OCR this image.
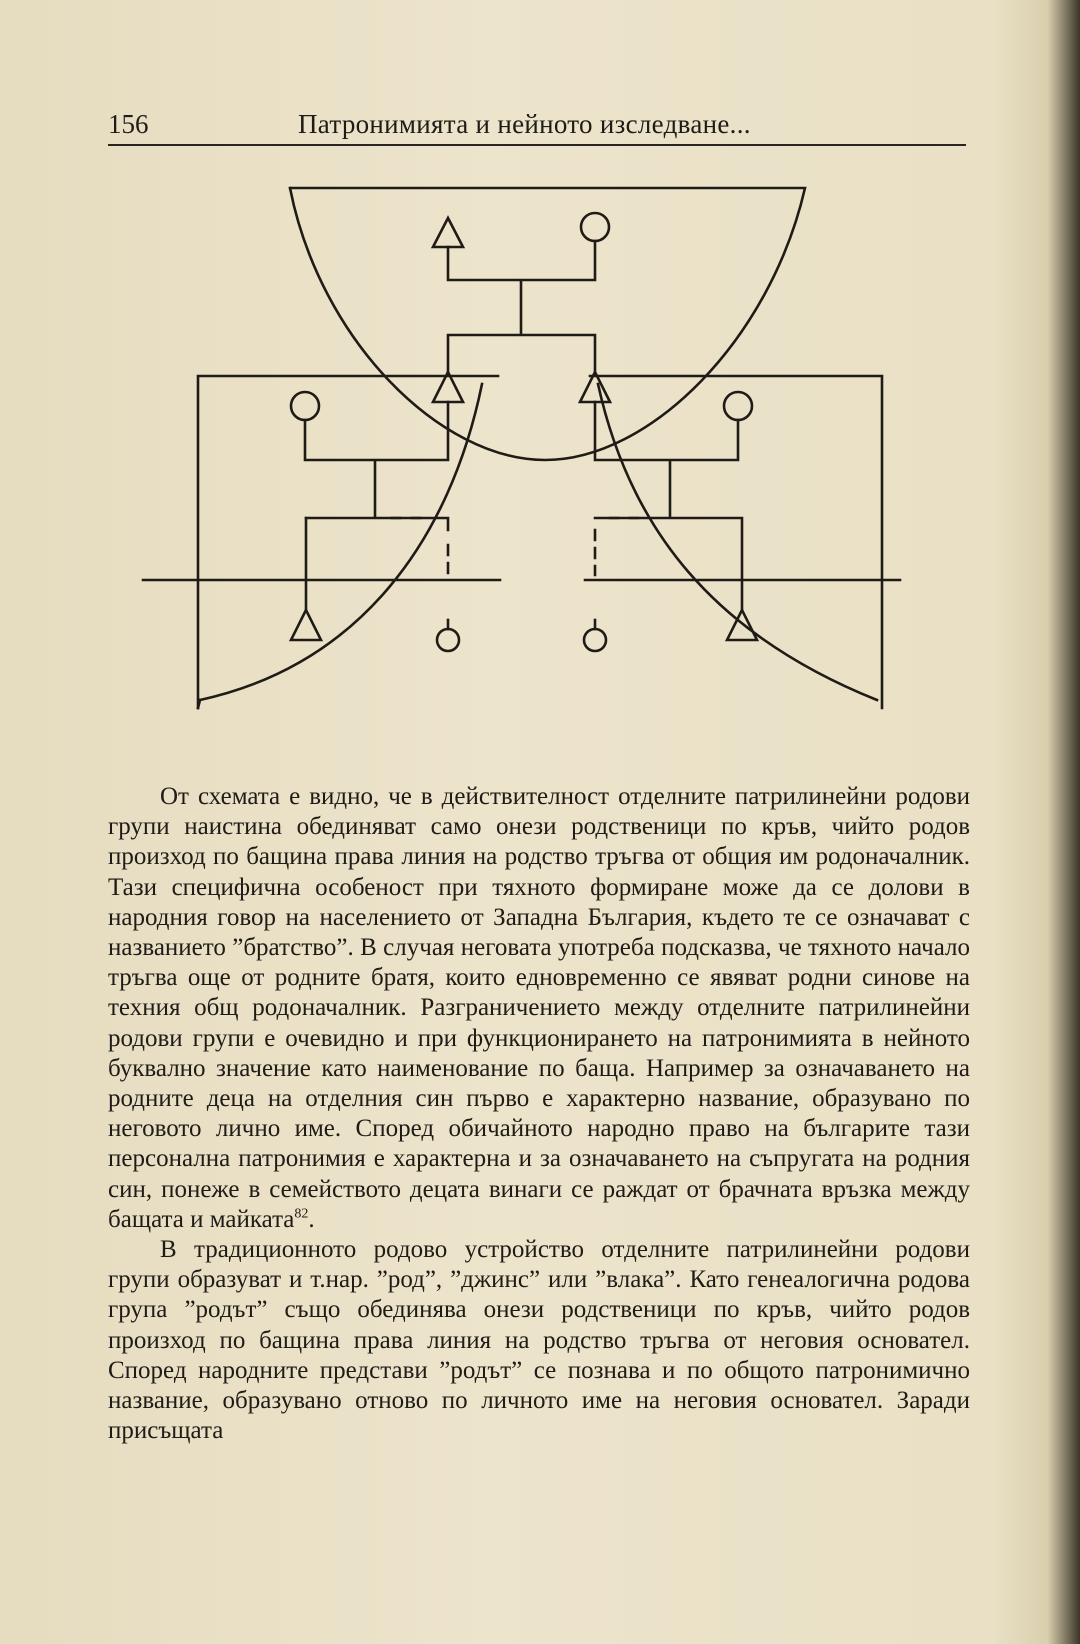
156	Патронимията и нейното изследване...

От схемата е видно, че в действителност отделните патрилинейни родови групи наистина обединяват само онези родственици по кръв, чийто родов произход по бащина права линия на родство тръгва от общия им родоначалник. Тази специфична особеност при тяхното формиране може да се долови в народния говор на населението от Западна България, където те се означават с названието ”братство”. В случая неговата употреба подсказва, че тяхното начало тръгва още от родните братя, които едновременно се явяват родни синове на техния общ родоначалник. Разграничението между отделните патрилинейни родови групи е очевидно и при функционирането на патронимията в нейното буквално значение като наименование по баща. Например за означаването на родните деца на отделния син първо е характерно название, образувано по неговото лично име. Според обичайното народно право на българите тази персонална патронимия е характерна и за означаването на съпругата на родния син, понеже в семейството децата винаги се раждат от брачната връзка между бащата и майката$^{82}$.

В традиционното родово устройство отделните патрилинейни родови групи образуват и т.нар. ”род”, ”джинс” или ”влака”. Като генеалогична родова група ”родът” също обединява онези родственици по кръв, чийто родов произход по бащина права линия на родство тръгва от неговия основател. Според народните представи ”родът” се познава и по общото патронимично название, образувано отново по личното име на неговия основател. Заради присъщата
